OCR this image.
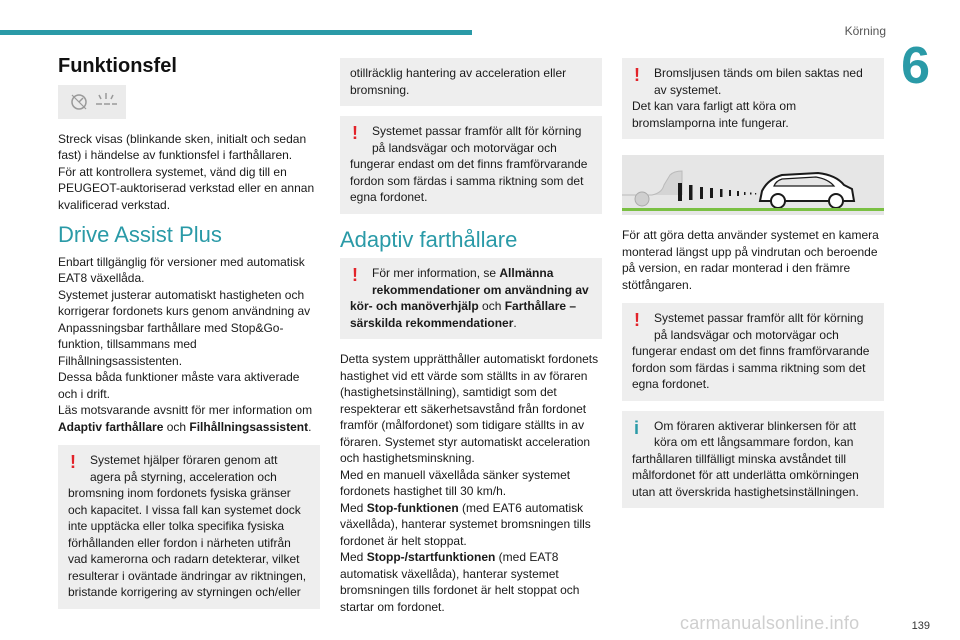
Körning
6
Funktionsfel

Streck visas (blinkande sken, initialt och sedan fast) i händelse av funktionsfel i farthållaren.

För att kontrollera systemet, vänd dig till en PEUGEOT-auktoriserad verkstad eller en annan kvalificerad verkstad.

Drive Assist Plus

Enbart tillgänglig för versioner med automatisk EAT8 växellåda.

Systemet justerar automatiskt hastigheten och korrigerar fordonets kurs genom användning av Anpassningsbar farthållare med Stop&Go-funktion, tillsammans med Filhållningsassistenten.

Dessa båda funktioner måste vara aktiverade och i drift.

Läs motsvarande avsnitt för mer information om Adaptiv farthållare och Filhållningsassistent.

!	Systemet hjälper föraren genom att agera på styrning, acceleration och

bromsning inom fordonets fysiska gränser och kapacitet. I vissa fall kan systemet dock inte upptäcka eller tolka specifika fysiska förhållanden eller fordon i närheten utifrån vad kamerorna och radarn detekterar, vilket resulterar i oväntade ändringar av riktningen, bristande korrigering av styrningen och/eller

otillräcklig hantering av acceleration eller bromsning.

!	Systemet passar framför allt för körning på landsvägar och motorvägar och

fungerar endast om det finns framförvarande fordon som färdas i samma riktning som det egna fordonet.

Adaptiv farthållare
!	För mer information, se Allmänna rekommendationer om användning av

kör- och manöverhjälp och Farthållare – särskilda rekommendationer.

Detta system upprätthåller automatiskt fordonets hastighet vid ett värde som ställts in av föraren (hastighetsinställning), samtidigt som det respekterar ett säkerhetsavstånd från fordonet framför (målfordonet) som tidigare ställts in av föraren. Systemet styr automatiskt acceleration och hastighetsminskning.

Med en manuell växellåda sänker systemet fordonets hastighet till 30 km/h.

Med Stop-funktionen (med EAT6 automatisk växellåda), hanterar systemet bromsningen tills fordonet är helt stoppat.

Med Stopp-/startfunktionen (med EAT8 automatisk växellåda), hanterar systemet bromsningen tills fordonet är helt stoppat och startar om fordonet.

!	Bromsljusen tänds om bilen saktas ned av systemet.

Det kan vara farligt att köra om bromslamporna inte fungerar.

För att göra detta använder systemet en kamera monterad längst upp på vindrutan och beroende på version, en radar monterad i den främre stötfångaren.

!	Systemet passar framför allt för körning på landsvägar och motorvägar och

fungerar endast om det finns framförvarande fordon som färdas i samma riktning som det egna fordonet.

i	Om föraren aktiverar blinkersen för att köra om ett långsammare fordon, kan

farthållaren tillfälligt minska avståndet till målfordonet för att underlätta omkörningen utan att överskrida hastighetsinställningen.

carmanualsonline.info	139
